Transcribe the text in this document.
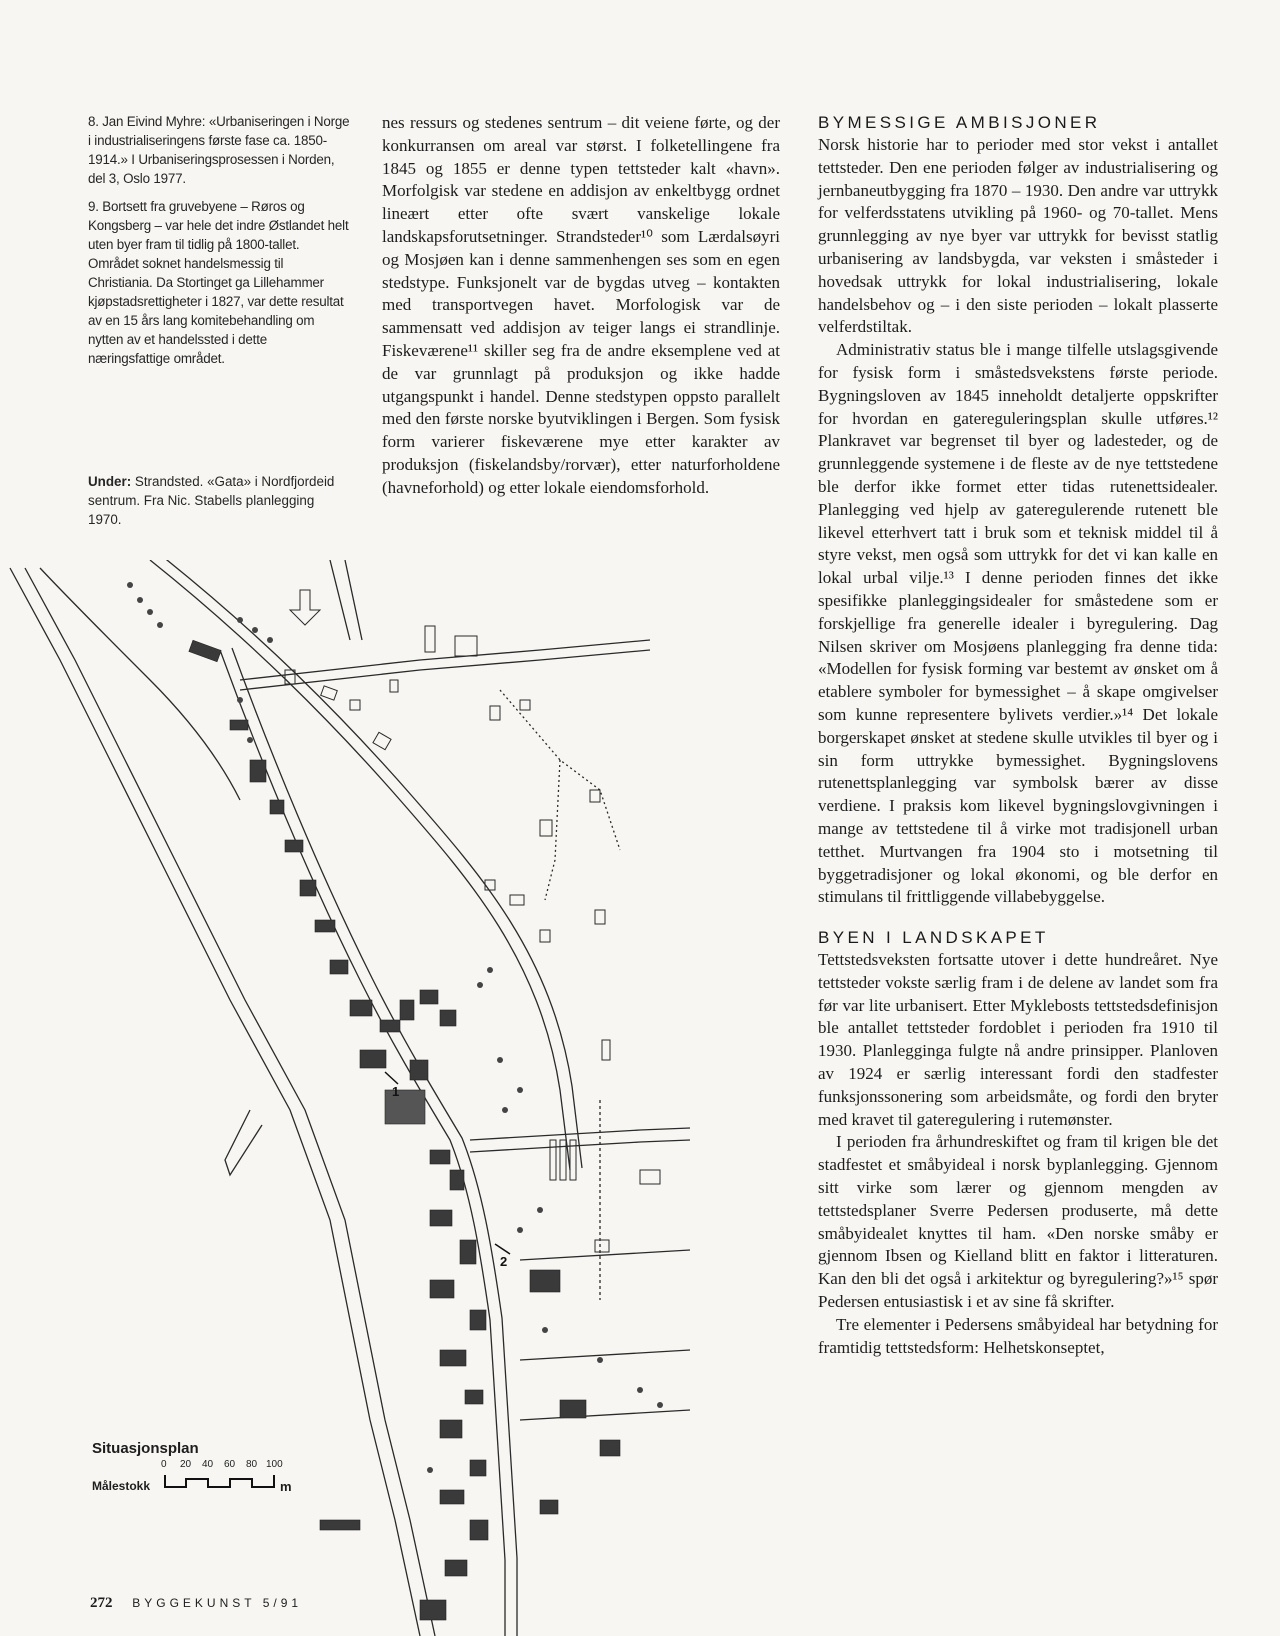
8. Jan Eivind Myhre: «Urbaniseringen i Norge i industrialiseringens første fase ca. 1850-1914.» I Urbaniseringsprosessen i Norden, del 3, Oslo 1977.

9. Bortsett fra gruvebyene – Røros og Kongsberg – var hele det indre Østlandet helt uten byer fram til tidlig på 1800-tallet. Området soknet handelsmessig til Christiania. Da Stortinget ga Lillehammer kjøpstadsrettigheter i 1827, var dette resultat av en 15 års lang komitebehandling om nytten av et handelssted i dette næringsfattige området.

Under: Strandsted. «Gata» i Nordfjordeid sentrum. Fra Nic. Stabells planlegging 1970.

nes ressurs og stedenes sentrum – dit veiene førte, og der konkurransen om areal var størst. I folketellingene fra 1845 og 1855 er denne typen tettsteder kalt «havn». Morfolgisk var stedene en addisjon av enkeltbygg ordnet lineært etter ofte svært vanskelige lokale landskapsforutsetninger. Strandsteder¹⁰ som Lærdalsøyri og Mosjøen kan i denne sammenhengen ses som en egen stedstype. Funksjonelt var de bygdas utveg – kontakten med transportvegen havet. Morfologisk var de sammensatt ved addisjon av teiger langs ei strandlinje. Fiskeværene¹¹ skiller seg fra de andre eksemplene ved at de var grunnlagt på produksjon og ikke hadde utgangspunkt i handel. Denne stedstypen oppsto parallelt med den første norske byutviklingen i Bergen. Som fysisk form varierer fiskeværene mye etter karakter av produksjon (fiskelandsby/rorvær), etter naturforholdene (havneforhold) og etter lokale eiendomsforhold.

BYMESSIGE AMBISJONER

Norsk historie har to perioder med stor vekst i antallet tettsteder. Den ene perioden følger av industrialisering og jernbaneutbygging fra 1870 – 1930. Den andre var uttrykk for velferdsstatens utvikling på 1960- og 70-tallet. Mens grunnlegging av nye byer var uttrykk for bevisst statlig urbanisering av landsbygda, var veksten i småsteder i hovedsak uttrykk for lokal industrialisering, lokale handelsbehov og – i den siste perioden – lokalt plasserte velferdstiltak.

Administrativ status ble i mange tilfelle utslagsgivende for fysisk form i småstedsvekstens første periode. Bygningsloven av 1845 inneholdt detaljerte oppskrifter for hvordan en gatereguleringsplan skulle utføres.¹² Plankravet var begrenset til byer og ladesteder, og de grunnleggende systemene i de fleste av de nye tettstedene ble derfor ikke formet etter tidas rutenettsidealer. Planlegging ved hjelp av gateregulerende rutenett ble likevel etterhvert tatt i bruk som et teknisk middel til å styre vekst, men også som uttrykk for det vi kan kalle en lokal urbal vilje.¹³ I denne perioden finnes det ikke spesifikke planleggingsidealer for småstedene som er forskjellige fra generelle idealer i byregulering. Dag Nilsen skriver om Mosjøens planlegging fra denne tida: «Modellen for fysisk forming var bestemt av ønsket om å etablere symboler for bymessighet – å skape omgivelser som kunne representere bylivets verdier.»¹⁴ Det lokale borgerskapet ønsket at stedene skulle utvikles til byer og i sin form uttrykke bymessighet. Bygningslovens rutenettsplanlegging var symbolsk bærer av disse verdiene. I praksis kom likevel bygningslovgivningen i mange av tettstedene til å virke mot tradisjonell urban tetthet. Murtvangen fra 1904 sto i motsetning til byggetradisjoner og lokal økonomi, og ble derfor en stimulans til frittliggende villabebyggelse.

BYEN I LANDSKAPET

Tettstedsveksten fortsatte utover i dette hundreåret. Nye tettsteder vokste særlig fram i de delene av landet som fra før var lite urbanisert. Etter Myklebosts tettstedsdefinisjon ble antallet tettsteder fordoblet i perioden fra 1910 til 1930. Planlegginga fulgte nå andre prinsipper. Planloven av 1924 er særlig interessant fordi den stadfester funksjonssonering som arbeidsmåte, og fordi den bryter med kravet til gateregulering i rutemønster.

I perioden fra århundreskiftet og fram til krigen ble det stadfestet et småbyideal i norsk byplanlegging. Gjennom sitt virke som lærer og gjennom mengden av tettstedsplaner Sverre Pedersen produserte, må dette småbyidealet knyttes til ham. «Den norske småby er gjennom Ibsen og Kielland blitt en faktor i litteraturen. Kan den bli det også i arkitektur og byregulering?»¹⁵ spør Pedersen entusiastisk i et av sine få skrifter.

Tre elementer i Pedersens småbyideal har betydning for framtidig tettstedsform: Helhetskonseptet,

1
2
Situasjonsplan
Målestokk
0 20 40 60 80 100
m
272 BYGGEKUNST 5/91
